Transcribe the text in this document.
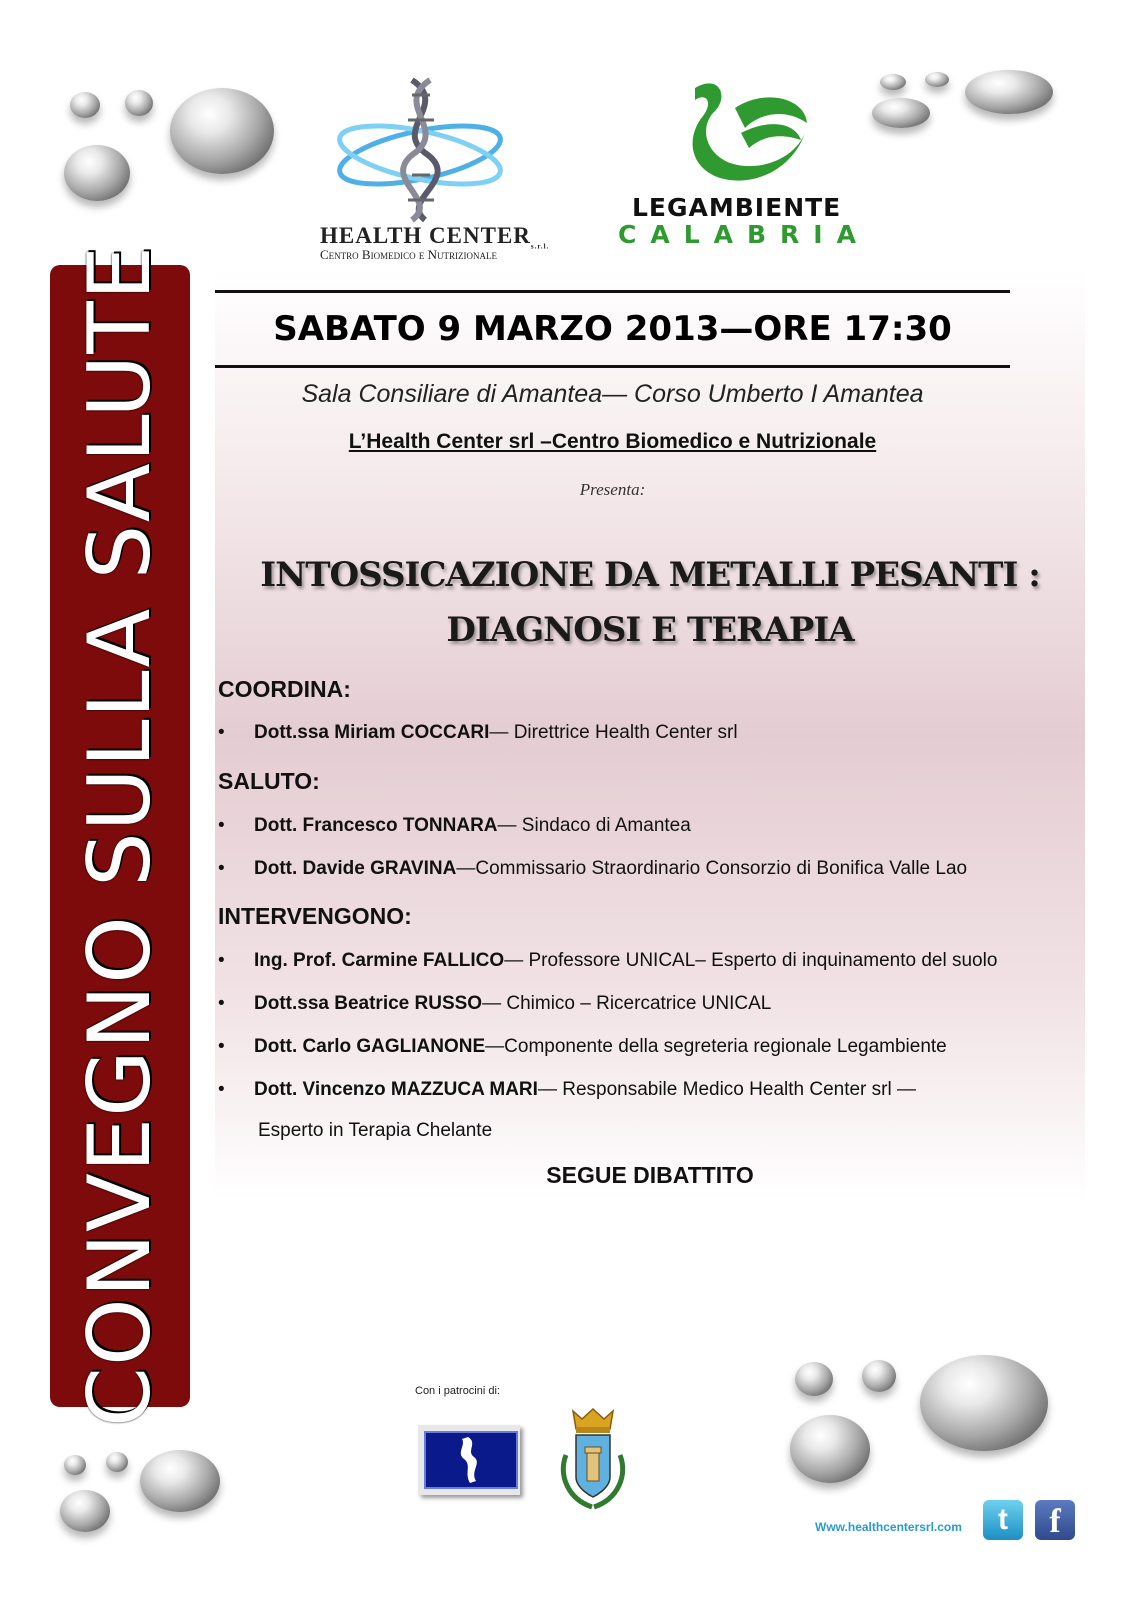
CONVEGNO SULLA SALUTE
HEALTH $CENTER_{s.r.l.}$
Centro Biomedico e Nutrizionale
LEGAMBIENTE
CALABRIA
SABATO 9 MARZO 2013—ORE 17:30
Sala Consiliare di Amantea— Corso Umberto I Amantea
L’Health Center srl –Centro Biomedico e Nutrizionale
Presenta:
INTOSSICAZIONE DA METALLI PESANTI :
DIAGNOSI E TERAPIA
COORDINA:
• Dott.ssa Miriam COCCARI— Direttrice Health Center srl
SALUTO:
• Dott. Francesco TONNARA— Sindaco di Amantea
• Dott. Davide GRAVINA—Commissario Straordinario Consorzio di Bonifica Valle Lao
INTERVENGONO:
• Ing. Prof. Carmine FALLICO— Professore UNICAL– Esperto di inquinamento del suolo
• Dott.ssa Beatrice RUSSO— Chimico – Ricercatrice UNICAL
• Dott. Carlo GAGLIANONE—Componente della segreteria regionale Legambiente
• Dott. Vincenzo MAZZUCA MARI— Responsabile Medico Health Center srl —
Esperto in Terapia Chelante
SEGUE DIBATTITO
Con i patrocini di:
Www.healthcentersrl.com	t	f
